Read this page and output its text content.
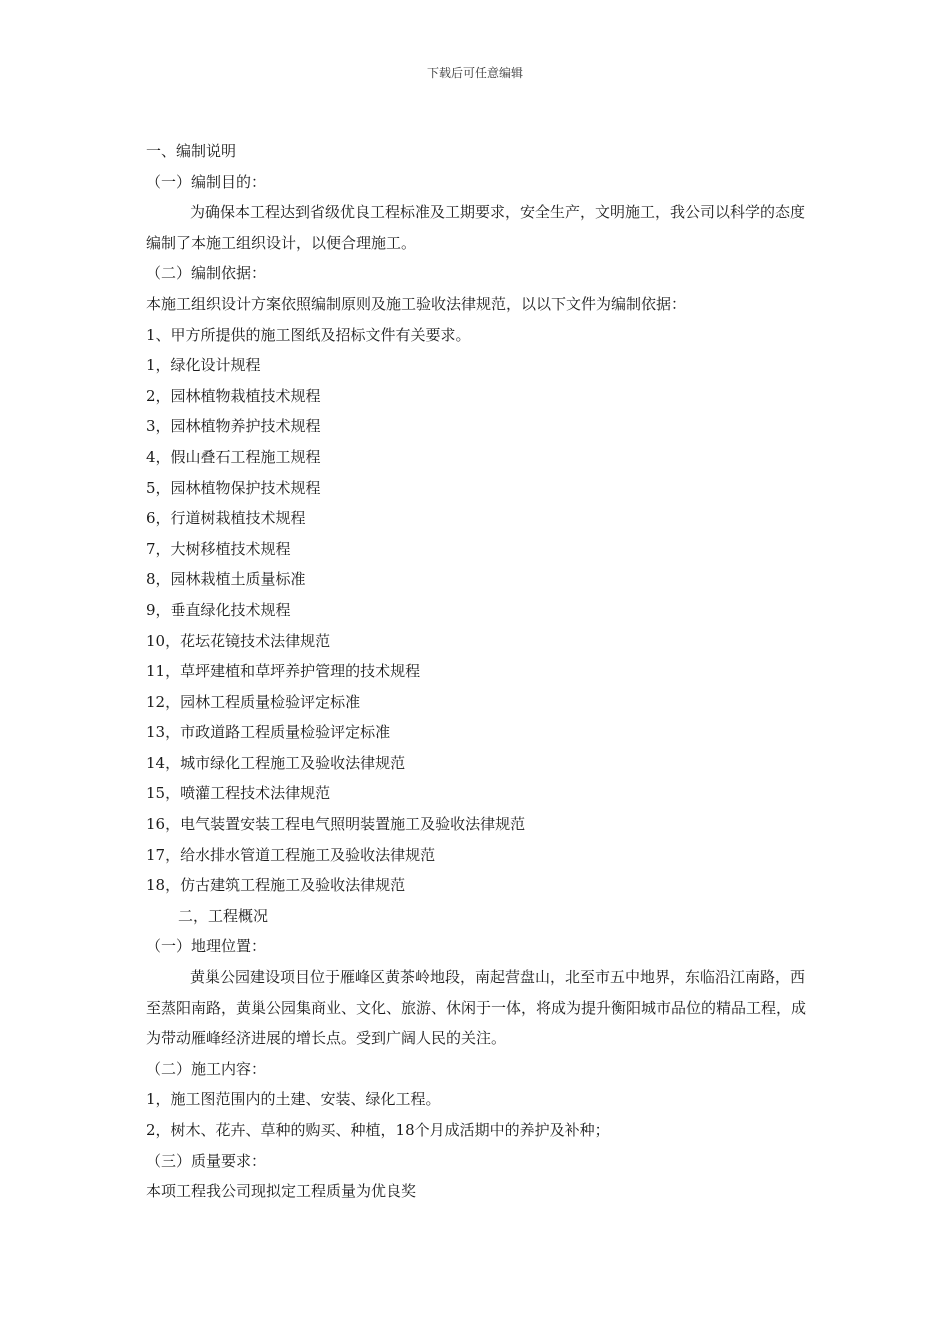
下载后可任意编辑
一、编制说明
（一）编制目的：
为确保本工程达到省级优良工程标准及工期要求，安全生产，文明施工，我公司以科学的态度编制了本施工组织设计，以便合理施工。
（二）编制依据：
本施工组织设计方案依照编制原则及施工验收法律规范，以以下文件为编制依据：
1、甲方所提供的施工图纸及招标文件有关要求。
1，绿化设计规程
2，园林植物栽植技术规程
3，园林植物养护技术规程
4，假山叠石工程施工规程
5，园林植物保护技术规程
6，行道树栽植技术规程
7，大树移植技术规程
8，园林栽植土质量标准
9，垂直绿化技术规程
10，花坛花镜技术法律规范
11，草坪建植和草坪养护管理的技术规程
12，园林工程质量检验评定标准
13，市政道路工程质量检验评定标准
14，城市绿化工程施工及验收法律规范
15，喷灌工程技术法律规范
16，电气装置安装工程电气照明装置施工及验收法律规范
17，给水排水管道工程施工及验收法律规范
18，仿古建筑工程施工及验收法律规范
二，工程概况
（一）地理位置：
黄巢公园建设项目位于雁峰区黄茶岭地段，南起营盘山，北至市五中地界，东临沿江南路，西至蒸阳南路，黄巢公园集商业、文化、旅游、休闲于一体，将成为提升衡阳城市品位的精品工程，成为带动雁峰经济进展的增长点。受到广阔人民的关注。
（二）施工内容：
1，施工图范围内的土建、安装、绿化工程。
2，树木、花卉、草种的购买、种植，18个月成活期中的养护及补种；
（三）质量要求：
本项工程我公司现拟定工程质量为优良奖
